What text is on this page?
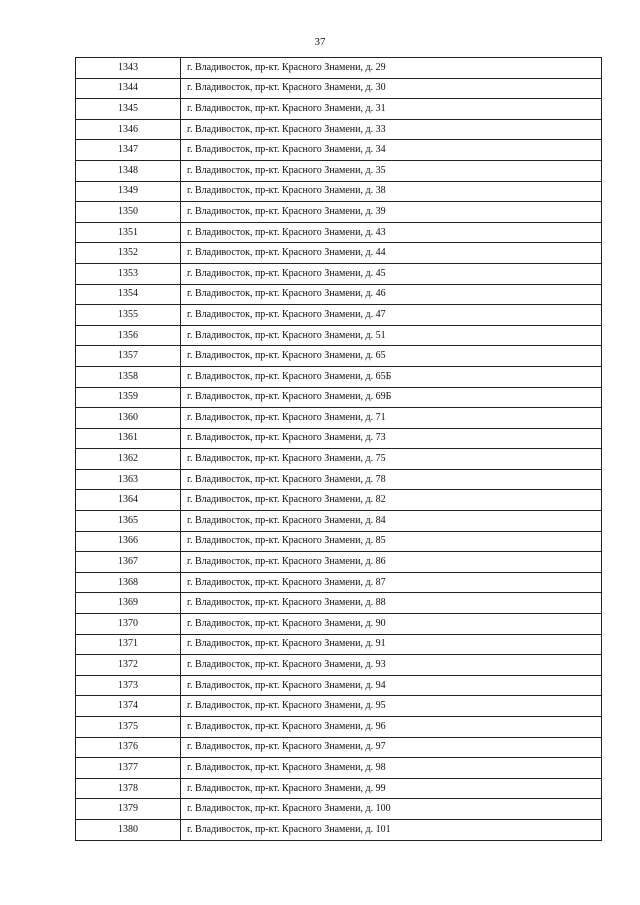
37
1343	г. Владивосток, пр-кт. Красного Знамени, д. 29
1344	г. Владивосток, пр-кт. Красного Знамени, д. 30
1345	г. Владивосток, пр-кт. Красного Знамени, д. 31
1346	г. Владивосток, пр-кт. Красного Знамени, д. 33
1347	г. Владивосток, пр-кт. Красного Знамени, д. 34
1348	г. Владивосток, пр-кт. Красного Знамени, д. 35
1349	г. Владивосток, пр-кт. Красного Знамени, д. 38
1350	г. Владивосток, пр-кт. Красного Знамени, д. 39
1351	г. Владивосток, пр-кт. Красного Знамени, д. 43
1352	г. Владивосток, пр-кт. Красного Знамени, д. 44
1353	г. Владивосток, пр-кт. Красного Знамени, д. 45
1354	г. Владивосток, пр-кт. Красного Знамени, д. 46
1355	г. Владивосток, пр-кт. Красного Знамени, д. 47
1356	г. Владивосток, пр-кт. Красного Знамени, д. 51
1357	г. Владивосток, пр-кт. Красного Знамени, д. 65
1358	г. Владивосток, пр-кт. Красного Знамени, д. 65Б
1359	г. Владивосток, пр-кт. Красного Знамени, д. 69Б
1360	г. Владивосток, пр-кт. Красного Знамени, д. 71
1361	г. Владивосток, пр-кт. Красного Знамени, д. 73
1362	г. Владивосток, пр-кт. Красного Знамени, д. 75
1363	г. Владивосток, пр-кт. Красного Знамени, д. 78
1364	г. Владивосток, пр-кт. Красного Знамени, д. 82
1365	г. Владивосток, пр-кт. Красного Знамени, д. 84
1366	г. Владивосток, пр-кт. Красного Знамени, д. 85
1367	г. Владивосток, пр-кт. Красного Знамени, д. 86
1368	г. Владивосток, пр-кт. Красного Знамени, д. 87
1369	г. Владивосток, пр-кт. Красного Знамени, д. 88
1370	г. Владивосток, пр-кт. Красного Знамени, д. 90
1371	г. Владивосток, пр-кт. Красного Знамени, д. 91
1372	г. Владивосток, пр-кт. Красного Знамени, д. 93
1373	г. Владивосток, пр-кт. Красного Знамени, д. 94
1374	г. Владивосток, пр-кт. Красного Знамени, д. 95
1375	г. Владивосток, пр-кт. Красного Знамени, д. 96
1376	г. Владивосток, пр-кт. Красного Знамени, д. 97
1377	г. Владивосток, пр-кт. Красного Знамени, д. 98
1378	г. Владивосток, пр-кт. Красного Знамени, д. 99
1379	г. Владивосток, пр-кт. Красного Знамени, д. 100
1380	г. Владивосток, пр-кт. Красного Знамени, д. 101
